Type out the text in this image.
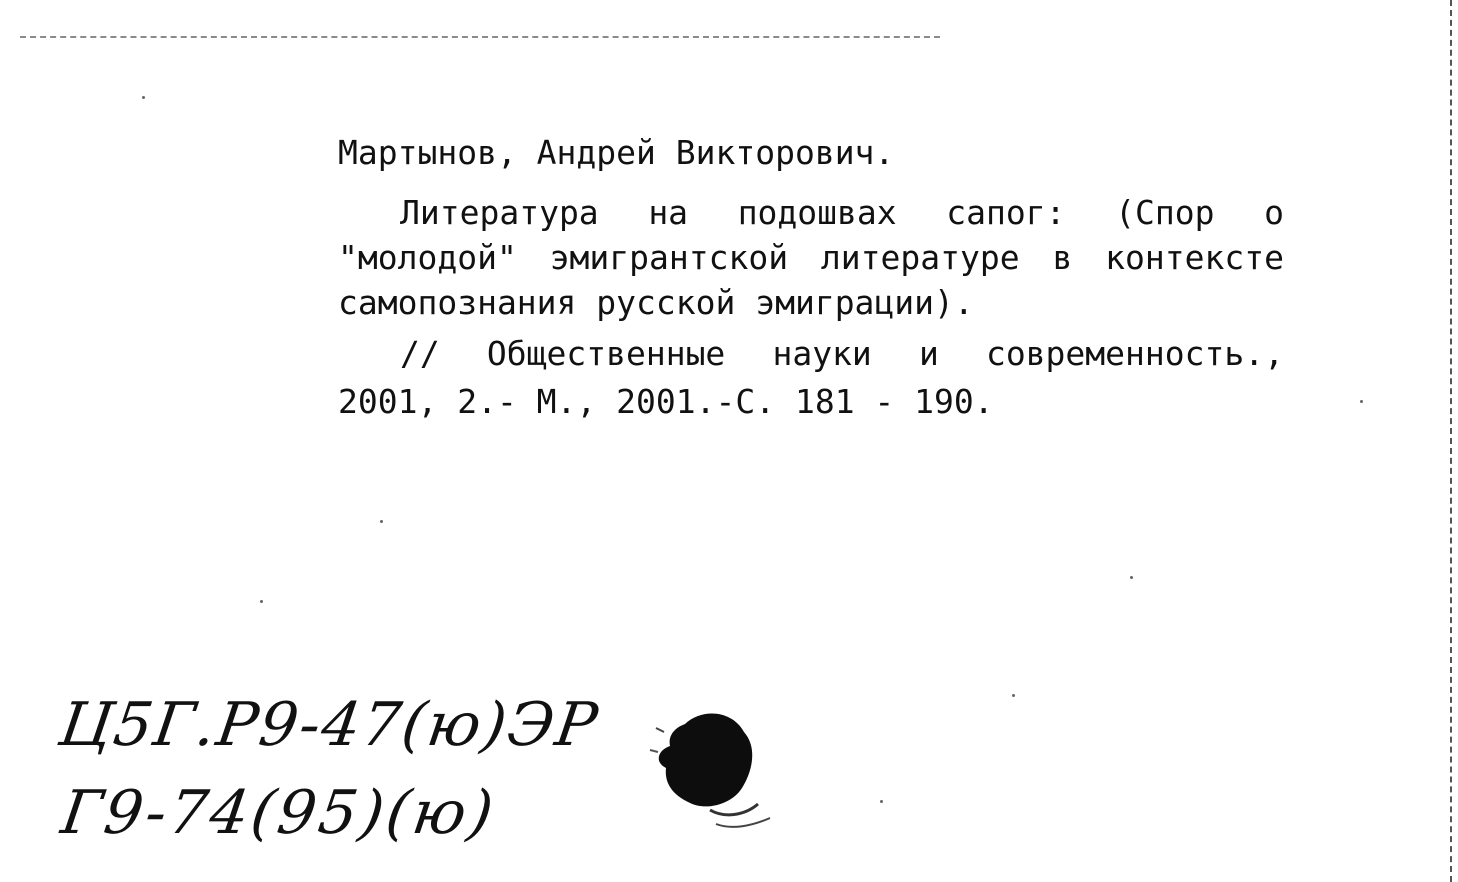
Мартынов, Андрей Викторович.
Литература на подошвах сапог: (Спор о
"молодой" эмигрантской литературе в контексте
самопознания русской эмиграции).
// Общественные науки и современность.,
2001, 2.- М., 2001.-С. 181 - 190.
Ц5Г.Р9-47(ю)ЭР
Г9-74(95)(ю)
